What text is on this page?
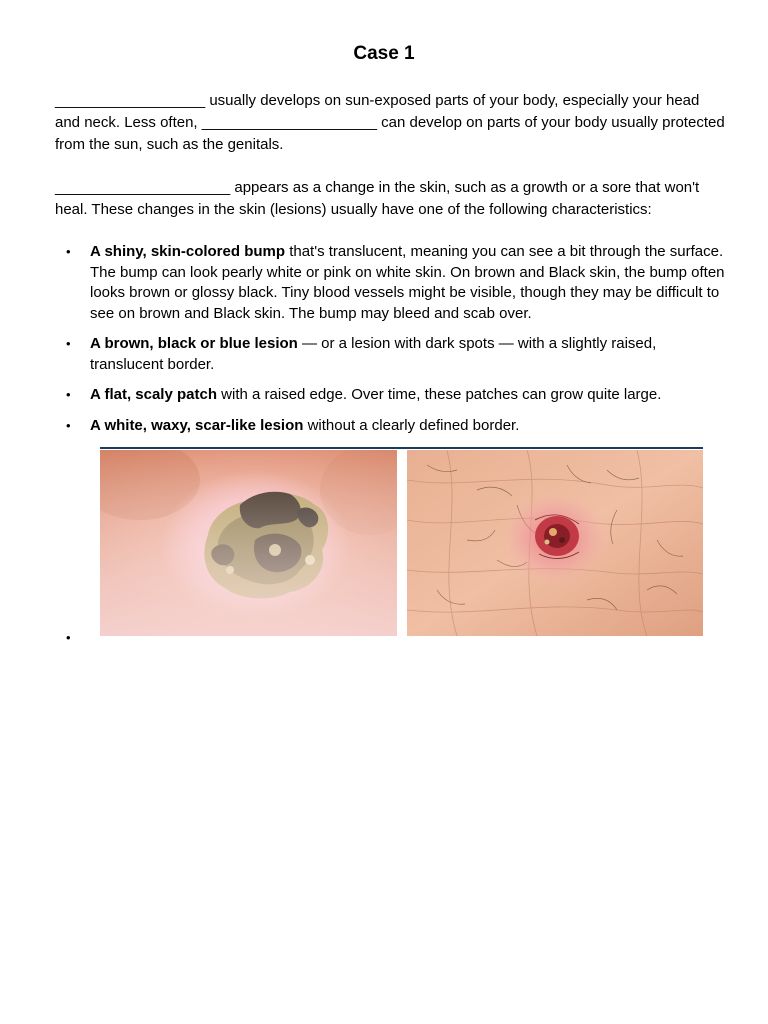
Case 1

__________________ usually develops on sun-exposed parts of your body, especially your head and neck. Less often, _____________________ can develop on parts of your body usually protected from the sun, such as the genitals.

_____________________ appears as a change in the skin, such as a growth or a sore that won't heal. These changes in the skin (lesions) usually have one of the following characteristics:

• A shiny, skin-colored bump that's translucent, meaning you can see a bit through the surface. The bump can look pearly white or pink on white skin. On brown and Black skin, the bump often looks brown or glossy black. Tiny blood vessels might be visible, though they may be difficult to see on brown and Black skin. The bump may bleed and scab over.
• A brown, black or blue lesion — or a lesion with dark spots — with a slightly raised, translucent border.
• A flat, scaly patch with a raised edge. Over time, these patches can grow quite large.
• A white, waxy, scar-like lesion without a clearly defined border.
•
